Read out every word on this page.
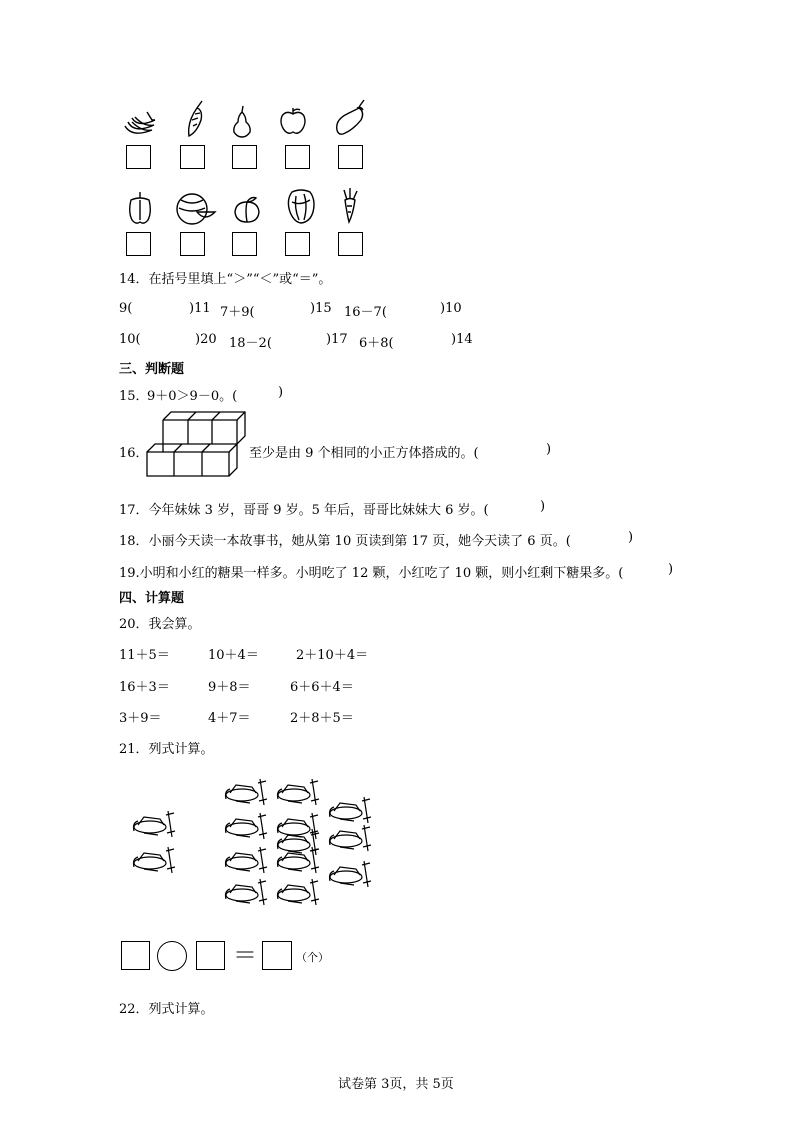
14．在括号里填上“＞”“＜”或“＝”。
9(	)11 7＋9(	)15 16－7(	)10
10(	)20 18－2(	)17 6＋8(	)14
三、判断题
15．
9＋0＞9－0。(	)
16．	至少是由 9 个相同的小正方体搭成的。(	)
17．今年妹妹 3 岁，哥哥 9 岁。5 年后，哥哥比妹妹大 6 岁。(	)
18．小丽今天读一本故事书，她从第 10 页读到第 17 页，她今天读了 6 页。(	)
19.小明和小红的糖果一样多。小明吃了 12 颗，小红吃了 10 颗，则小红剩下糖果多。(	)
四、计算题
20．我会算。
11＋5＝	10＋4＝	2＋10＋4＝
16＋3＝	9＋8＝	6＋6＋4＝
3＋9＝	4＋7＝	2＋8＋5＝
21．列式计算。
＝	（个）
22．列式计算。
试卷第 3页，共 5页
